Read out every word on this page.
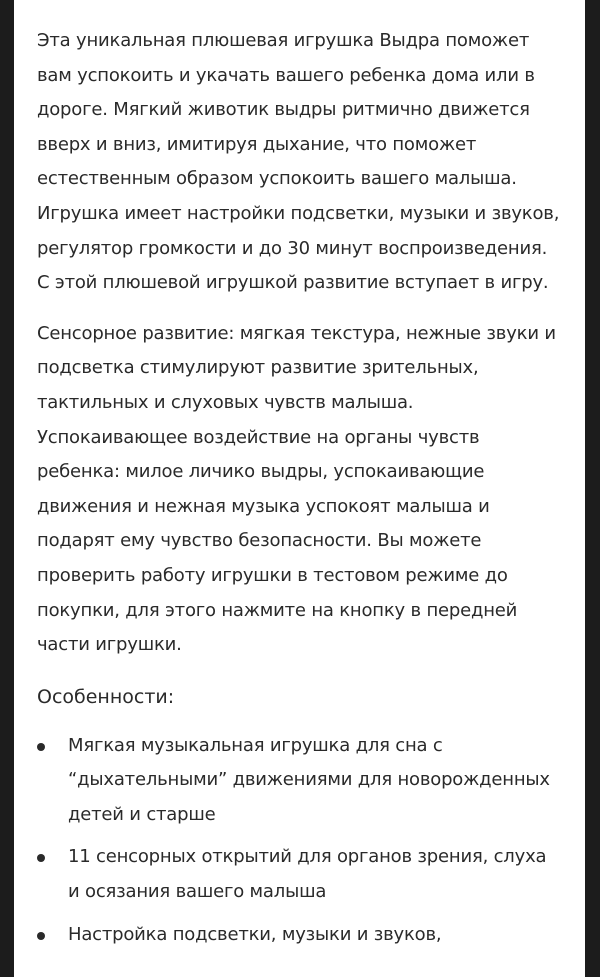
Эта уникальная плюшевая игрушка Выдра поможет вам успокоить и укачать вашего ребенка дома или в дороге. Мягкий животик выдры ритмично движется вверх и вниз, имитируя дыхание, что поможет естественным образом успокоить вашего малыша. Игрушка имеет настройки подсветки, музыки и звуков, регулятор громкости и до 30 минут воспроизведения. С этой плюшевой игрушкой развитие вступает в игру.

Сенсорное развитие: мягкая текстура, нежные звуки и подсветка стимулируют развитие зрительных, тактильных и слуховых чувств малыша. Успокаивающее воздействие на органы чувств ребенка: милое личико выдры, успокаивающие движения и нежная музыка успокоят малыша и подарят ему чувство безопасности. Вы можете проверить работу игрушки в тестовом режиме до покупки, для этого нажмите на кнопку в передней части игрушки.

Особенности:

Мягкая музыкальная игрушка для сна с “дыхательными” движениями для новорожденных детей и старше
11 сенсорных открытий для органов зрения, слуха и осязания вашего малыша
Настройка подсветки, музыки и звуков,
